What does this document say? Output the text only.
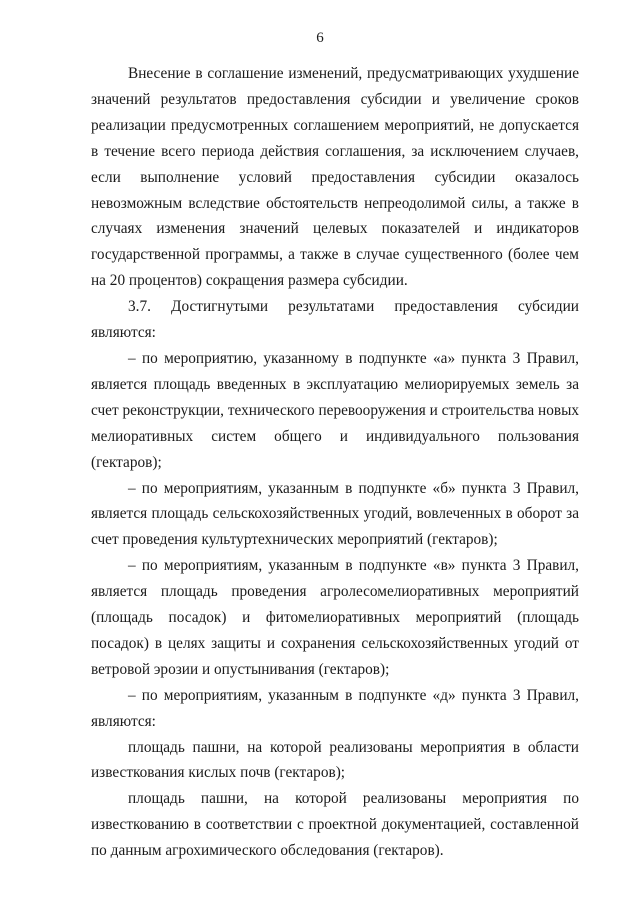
6

Внесение в соглашение изменений, предусматривающих ухудшение значений результатов предоставления субсидии и увеличение сроков реализации предусмотренных соглашением мероприятий, не допускается в течение всего периода действия соглашения, за исключением случаев, если выполнение условий предоставления субсидии оказалось невозможным вследствие обстоятельств непреодолимой силы, а также в случаях изменения значений целевых показателей и индикаторов государственной программы, а также в случае существенного (более чем на 20 процентов) сокращения размера субсидии.

3.7. Достигнутыми результатами предоставления субсидии являются:

– по мероприятию, указанному в подпункте «а» пункта 3 Правил, является площадь введенных в эксплуатацию мелиорируемых земель за счет реконструкции, технического перевооружения и строительства новых мелиоративных систем общего и индивидуального пользования (гектаров);

– по мероприятиям, указанным в подпункте «б» пункта 3 Правил, является площадь сельскохозяйственных угодий, вовлеченных в оборот за счет проведения культуртехнических мероприятий (гектаров);

– по мероприятиям, указанным в подпункте «в» пункта 3 Правил, является площадь проведения агролесомелиоративных мероприятий (площадь посадок) и фитомелиоративных мероприятий (площадь посадок) в целях защиты и сохранения сельскохозяйственных угодий от ветровой эрозии и опустынивания (гектаров);

– по мероприятиям, указанным в подпункте «д» пункта 3 Правил, являются:

площадь пашни, на которой реализованы мероприятия в области известкования кислых почв (гектаров);

площадь пашни, на которой реализованы мероприятия по известкованию в соответствии с проектной документацией, составленной по данным агрохимического обследования (гектаров).
